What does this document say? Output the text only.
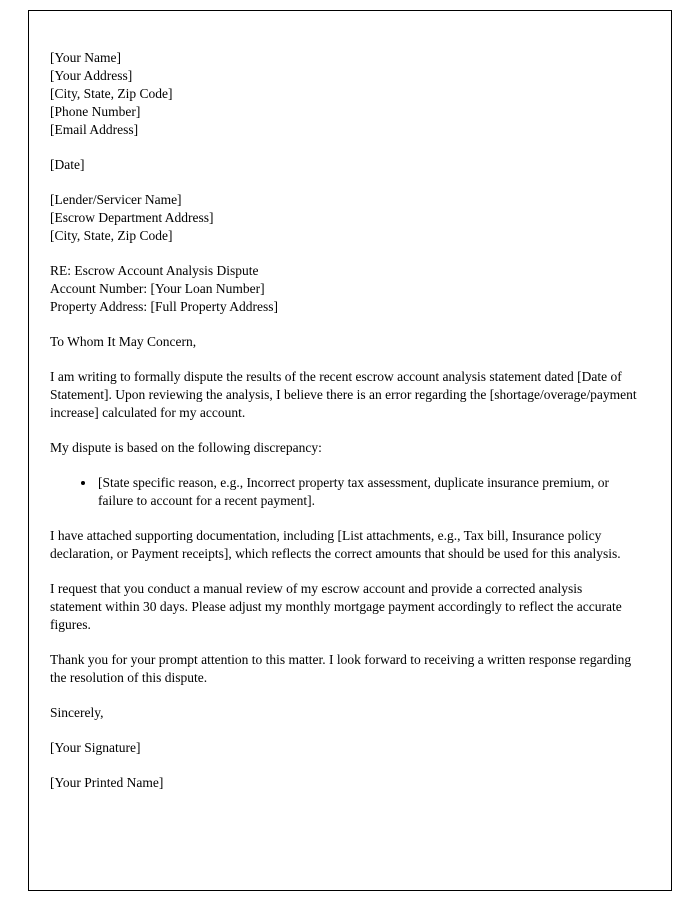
[Your Name]
[Your Address]
[City, State, Zip Code]
[Phone Number]
[Email Address]
[Date]
[Lender/Servicer Name]
[Escrow Department Address]
[City, State, Zip Code]
RE: Escrow Account Analysis Dispute
Account Number: [Your Loan Number]
Property Address: [Full Property Address]
To Whom It May Concern,
I am writing to formally dispute the results of the recent escrow account analysis statement dated [Date of Statement]. Upon reviewing the analysis, I believe there is an error regarding the [shortage/overage/payment increase] calculated for my account.
My dispute is based on the following discrepancy:
• [State specific reason, e.g., Incorrect property tax assessment, duplicate insurance premium, or failure to account for a recent payment].
I have attached supporting documentation, including [List attachments, e.g., Tax bill, Insurance policy declaration, or Payment receipts], which reflects the correct amounts that should be used for this analysis.
I request that you conduct a manual review of my escrow account and provide a corrected analysis statement within 30 days. Please adjust my monthly mortgage payment accordingly to reflect the accurate figures.
Thank you for your prompt attention to this matter. I look forward to receiving a written response regarding the resolution of this dispute.
Sincerely,
[Your Signature]
[Your Printed Name]
